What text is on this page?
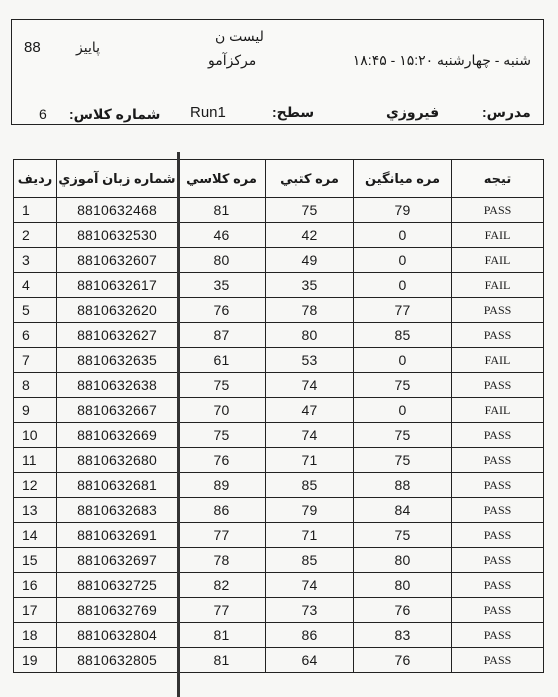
88	پاییز
لیست ن
مرکزآمو	شنبه - چهارشنبه ۱۵:۲۰ - ۱۸:۴۵
6 شماره کلاس: Run1	سطح:	فیروزي	مدرس:
ردیف	شماره زبان آموزي	مره كلاسي	مره كتبي	مره ميانگين	تيجه
1	8810632468	81	75	79	PASS
2	8810632530	46	42	0	FAIL
3	8810632607	80	49	0	FAIL
4	8810632617	35	35	0	FAIL
5	8810632620	76	78	77	PASS
6	8810632627	87	80	85	PASS
7	8810632635	61	53	0	FAIL
8	8810632638	75	74	75	PASS
9	8810632667	70	47	0	FAIL
10	8810632669	75	74	75	PASS
11	8810632680	76	71	75	PASS
12	8810632681	89	85	88	PASS
13	8810632683	86	79	84	PASS
14	8810632691	77	71	75	PASS
15	8810632697	78	85	80	PASS
16	8810632725	82	74	80	PASS
17	8810632769	77	73	76	PASS
18	8810632804	81	86	83	PASS
19	8810632805	81	64	76	PASS
